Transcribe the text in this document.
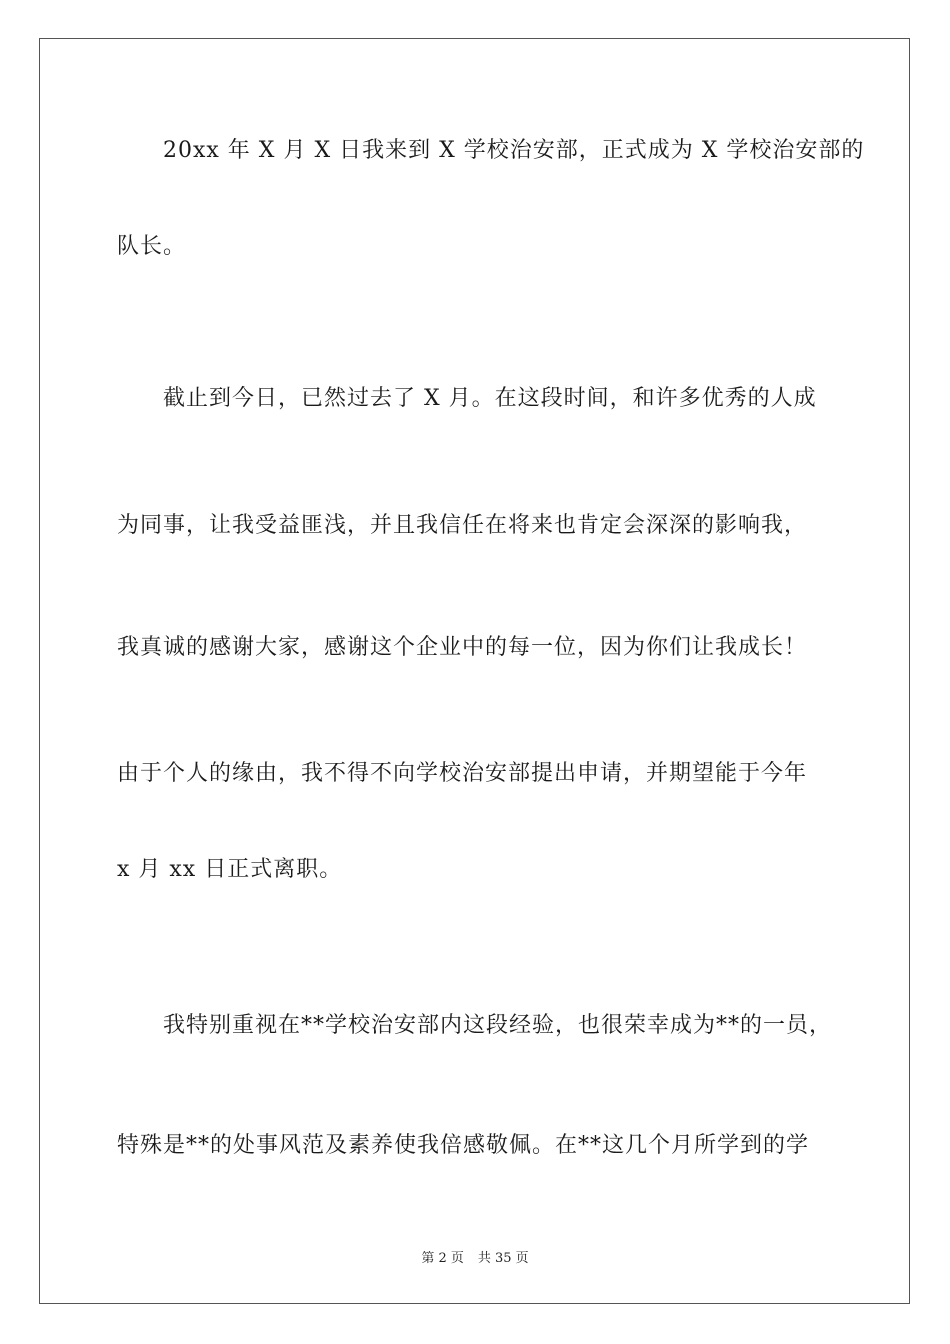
20xx 年 X 月 X 日我来到 X 学校治安部，正式成为 X 学校治安部的
队长。
截止到今日，已然过去了 X 月。在这段时间，和许多优秀的人成
为同事，让我受益匪浅，并且我信任在将来也肯定会深深的影响我，
我真诚的感谢大家，感谢这个企业中的每一位，因为你们让我成长！
由于个人的缘由，我不得不向学校治安部提出申请，并期望能于今年
x 月 xx 日正式离职。
我特别重视在**学校治安部内这段经验，也很荣幸成为**的一员，
特殊是**的处事风范及素养使我倍感敬佩。在**这几个月所学到的学
第 2 页 共 35 页
